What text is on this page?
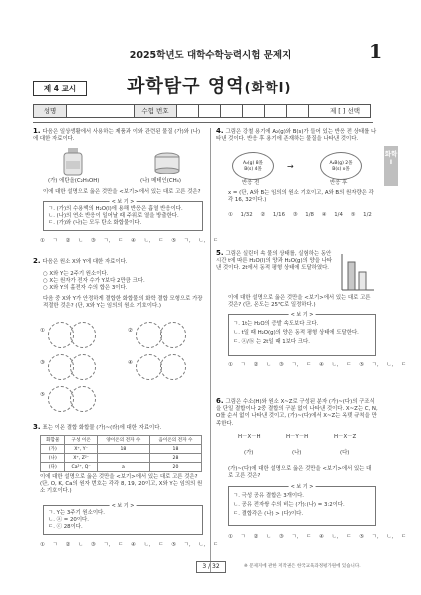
2025학년도 대학수학능력시험 문제지	1
제 4 교시	과학탐구 영역(화학Ⅰ)
성명	수험 번호	제 [ ] 선택
화학 Ⅰ
1. 다음은 일상생활에서 사용하는 제품과 이와 관련된 물질 (가)와 (나)에 대한 자료이다.
(가) 에탄올(C₂H₅OH)	(나) 메테인(CH₄)
이에 대한 설명으로 옳은 것만을 <보기>에서 있는 대로 고른 것은?
< 보 기 >
ㄱ. (가)의 수용액의 H₂O(l)에 용해 반응은 흡열 반응이다.
ㄴ. (나)의 연소 반응이 일어날 때 주위로 열을 방출한다.
ㄷ. (가)와 (나)는 모두 탄소 화합물이다.
① ㄱ ② ㄴ ③ ㄱ, ㄷ ④ ㄴ, ㄷ ⑤ ㄱ, ㄴ, ㄷ
2. 다음은 원소 X와 Y에 대한 자료이다.
○ X와 Y는 2주기 원소이다.
○ X는 원자가 전자 수가 Y보다 2만큼 크다.
○ X와 Y의 홀전자 수의 합은 3이다.
다음 중 X와 Y가 안정하게 결합한 화합물의 화학 결합 모형으로 가장 적절한 것은? (단, X와 Y는 임의의 원소 기호이다.)
①	②
③	④
⑤
3. 표는 이온 결합 화합물 (가)~(라)에 대한 자료이다.
화합물	구성 이온	양이온의 전자 수	음이온의 전자 수
(가)	X⁺, Y⁻	18	18
(나)	X⁺, Z²⁻		28
(다)	Ca²⁺, Q⁻	a	20
이에 대한 설명으로 옳은 것만을 <보기>에서 있는 대로 고른 것은? (단, O, K, Ca의 원자 번호는 각각 8, 19, 20이고, X와 Y는 임의의 원소 기호이다.)
< 보 기 >
ㄱ. Y는 3주기 원소이다.
ㄴ. ⓐ = 20이다.
ㄷ. ⓒ 28이다.
① ㄱ ② ㄴ ③ ㄱ, ㄷ ④ ㄴ, ㄷ ⑤ ㄱ, ㄴ, ㄷ
4. 그림은 강철 용기에 A₂(g)와 B(s)가 들어 있는 반응 전 상태를 나타낸 것이다. 반응 후 용기에 존재하는 물질을 나타낸 것이다.
A₂(g) 8몰
B(s) 4몰	→	A₂B(g) 2몰
B(s) x몰
반응 전	반응 후
x = (단, A와 B는 임의의 원소 기호이고, A와 B의 원자량은 각각 16, 32이다.)
① 1/32 ② 1/16 ③ 1/8 ④ 1/4 ⑤ 1/2
5. 그림은 실린더 속 물의 상태를, 실험하는 동안 시간 t에 따른 H₂O(l)의 양과 H₂O(g)의 양을 나타낸 것이다. 2t에서 동적 평형 상태에 도달하였다.
이에 대한 설명으로 옳은 것만을 <보기>에서 있는 대로 고른 것은? (단, 온도는 25℃로 일정하다.)
< 보 기 >
ㄱ. 1t는 H₂O의 증발 속도보다 크다.
ㄴ. t일 때 H₂O(g)의 양은 동적 평형 상태에 도달한다.
ㄷ. ⓐ/ⓑ 는 2t일 때 1보다 크다.
① ㄱ ② ㄴ ③ ㄱ, ㄷ ④ ㄴ, ㄷ ⑤ ㄱ, ㄴ, ㄷ
6. 그림은 수소(H)와 원소 X~Z로 구성된 분자 (가)~(다)의 구조식을 단일 결합이나 2중 결합의 구분 없이 나타낸 것이다. X~Z는 C, N, O를 순서 없이 나타낸 것이고, (가)~(다)에서 X~Z는 옥텟 규칙을 만족한다.
H－X－H	H－Y－H	H－X－Z
(가)	(나)	(다)
(가)~(다)에 대한 설명으로 옳은 것만을 <보기>에서 있는 대로 고른 것은?
< 보 기 >
ㄱ. 극성 공유 결합은 3개이다.
ㄴ. 공유 전자쌍 수의 비는 (가):(나) = 3:2이다.
ㄷ. 결합각은 (나) > (다)이다.
① ㄱ ② ㄴ ③ ㄱ, ㄷ ④ ㄴ, ㄷ ⑤ ㄱ, ㄴ, ㄷ
3 / 32	※ 문제지에 관한 저작권은 한국교육과정평가원에 있습니다.
